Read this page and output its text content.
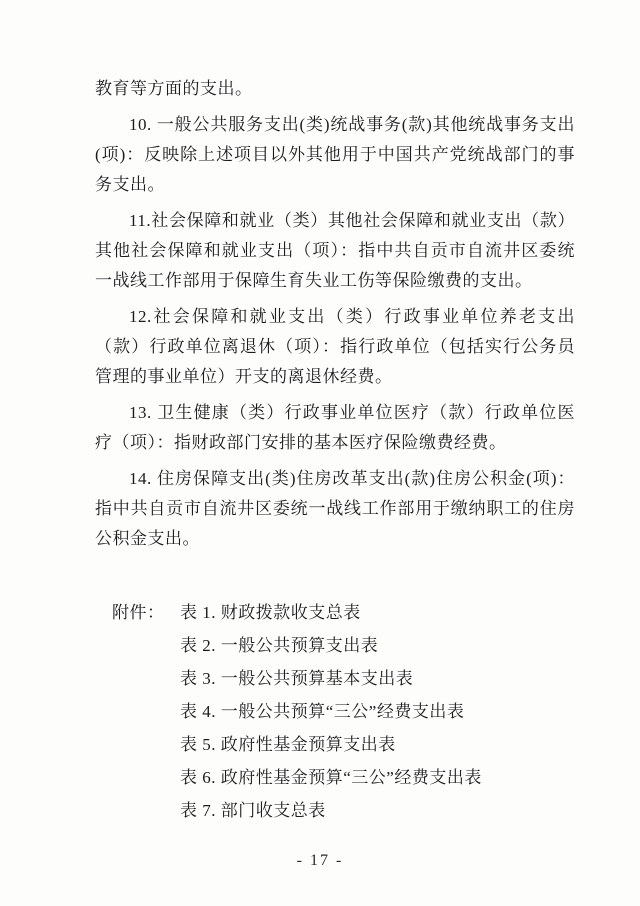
教育等方面的支出。

10. 一般公共服务支出(类)统战事务(款)其他统战事务支出(项)：反映除上述项目以外其他用于中国共产党统战部门的事务支出。

11.社会保障和就业（类）其他社会保障和就业支出（款）其他社会保障和就业支出（项）：指中共自贡市自流井区委统一战线工作部用于保障生育失业工伤等保险缴费的支出。

12.社会保障和就业支出（类）行政事业单位养老支出（款）行政单位离退休（项）：指行政单位（包括实行公务员管理的事业单位）开支的离退休经费。

13. 卫生健康（类）行政事业单位医疗（款）行政单位医疗（项）：指财政部门安排的基本医疗保险缴费经费。

14. 住房保障支出(类)住房改革支出(款)住房公积金(项)：指中共自贡市自流井区委统一战线工作部用于缴纳职工的住房公积金支出。

附件： 表 1. 财政拨款收支总表
表 2. 一般公共预算支出表
表 3. 一般公共预算基本支出表
表 4. 一般公共预算“三公”经费支出表
表 5. 政府性基金预算支出表
表 6. 政府性基金预算“三公”经费支出表
表 7. 部门收支总表
- 17 -
